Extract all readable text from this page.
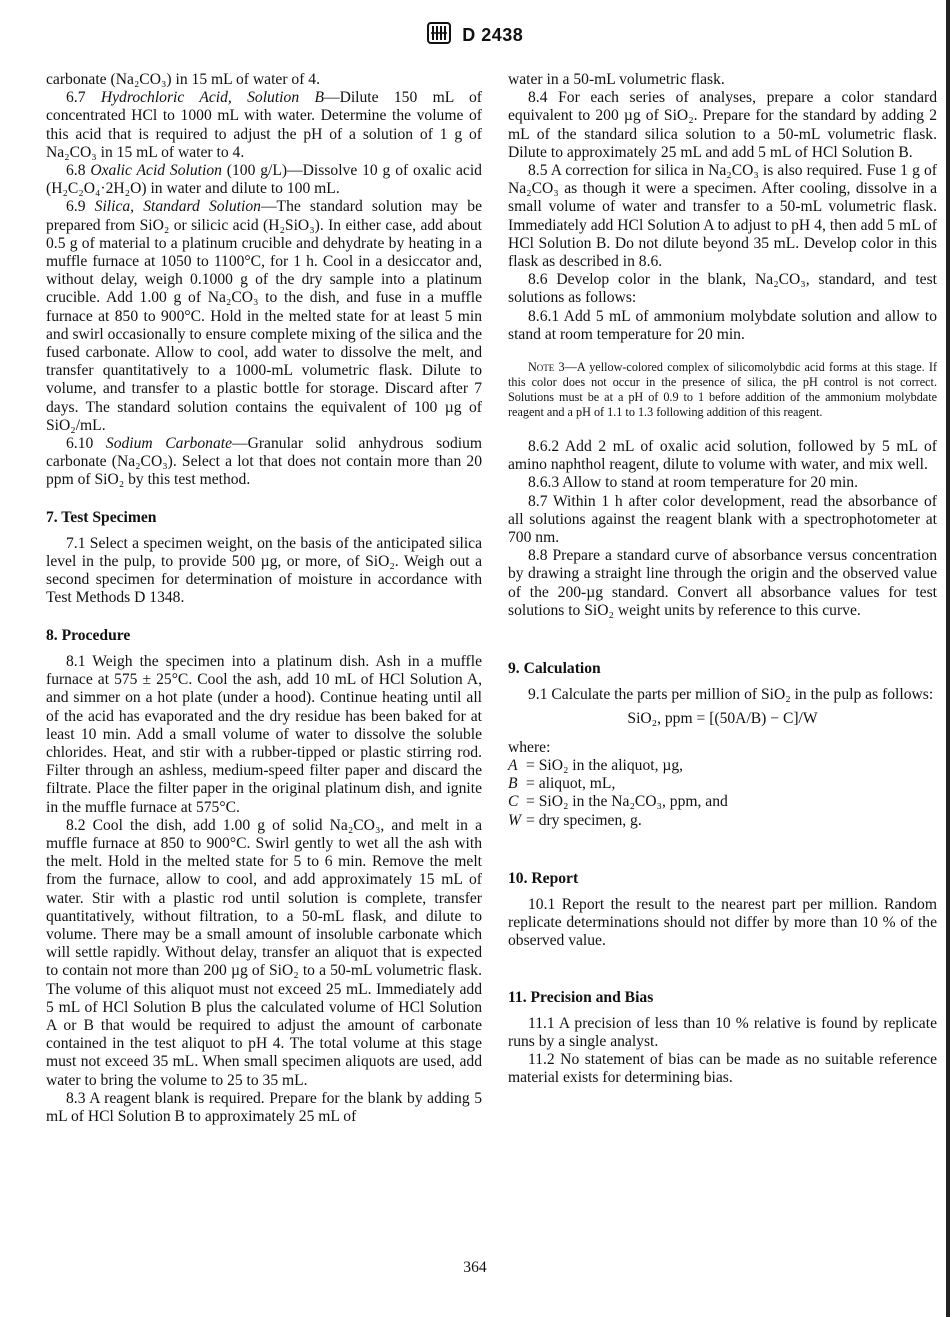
D 2438

carbonate (Na₂CO₃) in 15 mL of water of 4.

6.7 Hydrochloric Acid, Solution B—Dilute 150 mL of concentrated HCl to 1000 mL with water. Determine the volume of this acid that is required to adjust the pH of a solution of 1 g of Na₂CO₃ in 15 mL of water to 4.

6.8 Oxalic Acid Solution (100 g/L)—Dissolve 10 g of oxalic acid (H₂C₂O₄·2H₂O) in water and dilute to 100 mL.

6.9 Silica, Standard Solution—The standard solution may be prepared from SiO₂ or silicic acid (H₂SiO₃). In either case, add about 0.5 g of material to a platinum crucible and dehydrate by heating in a muffle furnace at 1050 to 1100°C, for 1 h. Cool in a desiccator and, without delay, weigh 0.1000 g of the dry sample into a platinum crucible. Add 1.00 g of Na₂CO₃ to the dish, and fuse in a muffle furnace at 850 to 900°C. Hold in the melted state for at least 5 min and swirl occasionally to ensure complete mixing of the silica and the fused carbonate. Allow to cool, add water to dissolve the melt, and transfer quantitatively to a 1000-mL volumetric flask. Dilute to volume, and transfer to a plastic bottle for storage. Discard after 7 days. The standard solution contains the equivalent of 100 µg of SiO₂/mL.

6.10 Sodium Carbonate—Granular solid anhydrous sodium carbonate (Na₂CO₃). Select a lot that does not contain more than 20 ppm of SiO₂ by this test method.

7. Test Specimen

7.1 Select a specimen weight, on the basis of the anticipated silica level in the pulp, to provide 500 µg, or more, of SiO₂. Weigh out a second specimen for determination of moisture in accordance with Test Methods D 1348.

8. Procedure

8.1 Weigh the specimen into a platinum dish. Ash in a muffle furnace at 575 ± 25°C. Cool the ash, add 10 mL of HCl Solution A, and simmer on a hot plate (under a hood). Continue heating until all of the acid has evaporated and the dry residue has been baked for at least 10 min. Add a small volume of water to dissolve the soluble chlorides. Heat, and stir with a rubber-tipped or plastic stirring rod. Filter through an ashless, medium-speed filter paper and discard the filtrate. Place the filter paper in the original platinum dish, and ignite in the muffle furnace at 575°C.

8.2 Cool the dish, add 1.00 g of solid Na₂CO₃, and melt in a muffle furnace at 850 to 900°C. Swirl gently to wet all the ash with the melt. Hold in the melted state for 5 to 6 min. Remove the melt from the furnace, allow to cool, and add approximately 15 mL of water. Stir with a plastic rod until solution is complete, transfer quantitatively, without filtration, to a 50-mL flask, and dilute to volume. There may be a small amount of insoluble carbonate which will settle rapidly. Without delay, transfer an aliquot that is expected to contain not more than 200 µg of SiO₂ to a 50-mL volumetric flask. The volume of this aliquot must not exceed 25 mL. Immediately add 5 mL of HCl Solution B plus the calculated volume of HCl Solution A or B that would be required to adjust the amount of carbonate contained in the test aliquot to pH 4. The total volume at this stage must not exceed 35 mL. When small specimen aliquots are used, add water to bring the volume to 25 to 35 mL.

8.3 A reagent blank is required. Prepare for the blank by adding 5 mL of HCl Solution B to approximately 25 mL of

water in a 50-mL volumetric flask.

8.4 For each series of analyses, prepare a color standard equivalent to 200 µg of SiO₂. Prepare for the standard by adding 2 mL of the standard silica solution to a 50-mL volumetric flask. Dilute to approximately 25 mL and add 5 mL of HCl Solution B.

8.5 A correction for silica in Na₂CO₃ is also required. Fuse 1 g of Na₂CO₃ as though it were a specimen. After cooling, dissolve in a small volume of water and transfer to a 50-mL volumetric flask. Immediately add HCl Solution A to adjust to pH 4, then add 5 mL of HCl Solution B. Do not dilute beyond 35 mL. Develop color in this flask as described in 8.6.

8.6 Develop color in the blank, Na₂CO₃, standard, and test solutions as follows:

8.6.1 Add 5 mL of ammonium molybdate solution and allow to stand at room temperature for 20 min.

Note 3—A yellow-colored complex of silicomolybdic acid forms at this stage. If this color does not occur in the presence of silica, the pH control is not correct. Solutions must be at a pH of 0.9 to 1 before addition of the ammonium molybdate reagent and a pH of 1.1 to 1.3 following addition of this reagent.

8.6.2 Add 2 mL of oxalic acid solution, followed by 5 mL of amino naphthol reagent, dilute to volume with water, and mix well.

8.6.3 Allow to stand at room temperature for 20 min.

8.7 Within 1 h after color development, read the absorbance of all solutions against the reagent blank with a spectrophotometer at 700 nm.

8.8 Prepare a standard curve of absorbance versus concentration by drawing a straight line through the origin and the observed value of the 200-µg standard. Convert all absorbance values for test solutions to SiO₂ weight units by reference to this curve.

9. Calculation

9.1 Calculate the parts per million of SiO₂ in the pulp as follows:

SiO₂, ppm = [(50A/B) − C]/W

where:

A = SiO₂ in the aliquot, µg,
B = aliquot, mL,
C = SiO₂ in the Na₂CO₃, ppm, and
W = dry specimen, g.
10. Report

10.1 Report the result to the nearest part per million. Random replicate determinations should not differ by more than 10 % of the observed value.

11. Precision and Bias

11.1 A precision of less than 10 % relative is found by replicate runs by a single analyst.

11.2 No statement of bias can be made as no suitable reference material exists for determining bias.

364
